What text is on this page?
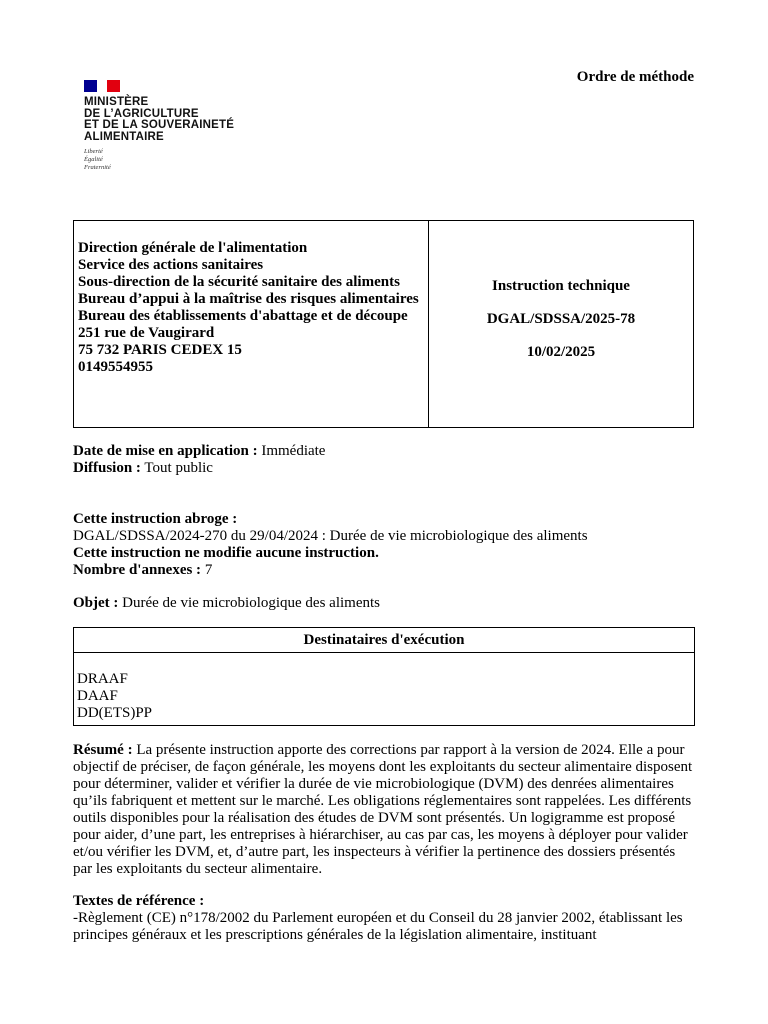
MINISTÈRE
DE L’AGRICULTURE
ET DE LA SOUVERAINETÉ
ALIMENTAIRE
Liberté
Égalité
Fraternité
Ordre de méthode
Direction générale de l'alimentation
Service des actions sanitaires
Sous-direction de la sécurité sanitaire des aliments
Bureau d’appui à la maîtrise des risques alimentaires
Bureau des établissements d'abattage et de découpe
251 rue de Vaugirard
75 732 PARIS CEDEX 15
0149554955
Instruction technique
DGAL/SDSSA/2025-78
10/02/2025
Date de mise en application : Immédiate
Diffusion : Tout public
Cette instruction abroge :
DGAL/SDSSA/2024-270 du 29/04/2024 : Durée de vie microbiologique des aliments
Cette instruction ne modifie aucune instruction.
Nombre d'annexes : 7
Objet : Durée de vie microbiologique des aliments
Destinataires d'exécution
DRAAF
DAAF
DD(ETS)PP
Résumé : La présente instruction apporte des corrections par rapport à la version de 2024. Elle a pour objectif de préciser, de façon générale, les moyens dont les exploitants du secteur alimentaire disposent pour déterminer, valider et vérifier la durée de vie microbiologique (DVM) des denrées alimentaires qu’ils fabriquent et mettent sur le marché. Les obligations réglementaires sont rappelées. Les différents outils disponibles pour la réalisation des études de DVM sont présentés. Un logigramme est proposé pour aider, d’une part, les entreprises à hiérarchiser, au cas par cas, les moyens à déployer pour valider et/ou vérifier les DVM, et, d’autre part, les inspecteurs à vérifier la pertinence des dossiers présentés par les exploitants du secteur alimentaire.
Textes de référence :
-Règlement (CE) n°178/2002 du Parlement européen et du Conseil du 28 janvier 2002, établissant les principes généraux et les prescriptions générales de la législation alimentaire, instituant
